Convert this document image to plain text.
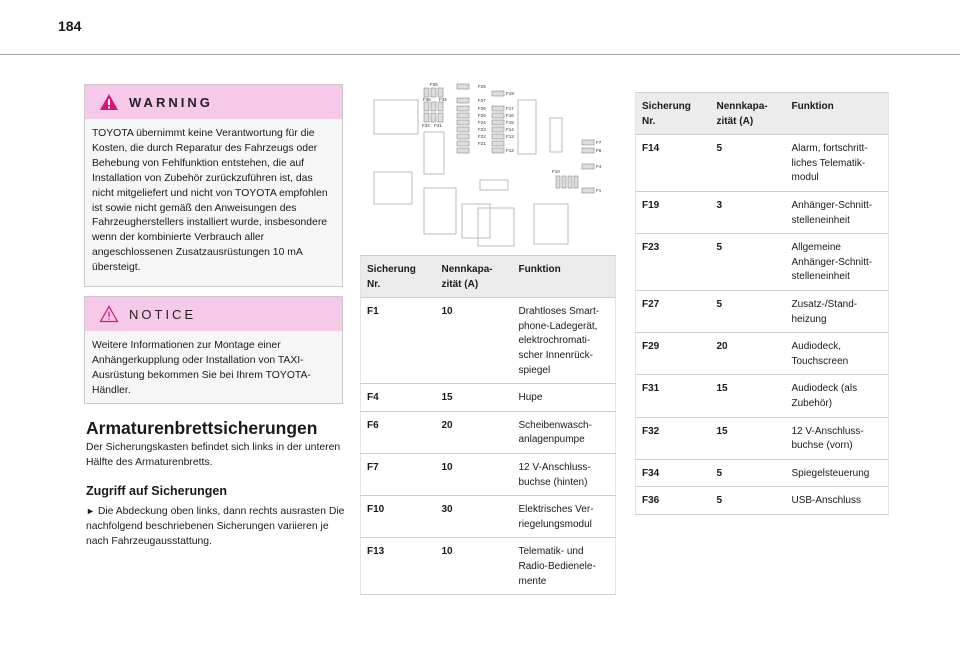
184
WARNING
TOYOTA übernimmt keine Verantwortung für die Kosten, die durch Reparatur des Fahrzeugs oder Behebung von Fehlfunktion entstehen, die auf Installation von Zubehör zurückzuführen ist, das nicht mitgeliefert und nicht von TOYOTA empfohlen ist sowie nicht gemäß den Anweisungen des Fahrzeugherstellers installiert wurde, insbesondere wenn der kombinierte Verbrauch aller angeschlossenen Zusatzausrüstungen 10 mA übersteigt.
NOTICE
Weitere Informationen zur Montage einer Anhängerkupplung oder Installation von TAXI-Ausrüstung bekommen Sie bei Ihrem TOYOTA-Händler.
Armaturenbrettsicherungen
Der Sicherungskasten befindet sich links in der unteren Hälfte des Armaturenbretts.
Zugriff auf Sicherungen
► Die Abdeckung oben links, dann rechts ausrasten Die nachfolgend beschriebenen Sicherungen variieren je nach Fahrzeugausstattung.
F35
F36 F34
F32 F31
F29
F19
F27
F26	F17
F25	F16
F24	F15
F23	F14
F22	F13
F21
F12
F7
F6
F10
F4
F1
Sicherung Nr.	Nennkapa-zität (A)	Funktion
F1	10	Drahtloses Smart-phone-Ladegerät, elektrochromati-scher Innenrück-spiegel
F4	15	Hupe
F6	20	Scheibenwasch-anlagenpumpe
F7	10	12 V-Anschluss-buchse (hinten)
F10	30	Elektrisches Ver-riegelungsmodul
F13	10	Telematik- und Radio-Bedienele-mente
Sicherung Nr.	Nennkapa-zität (A)	Funktion
F14	5	Alarm, fortschritt-liches Telematik-modul
F19	3	Anhänger-Schnitt-stelleneinheit
F23	5	Allgemeine Anhänger-Schnitt-stelleneinheit
F27	5	Zusatz-/Stand-heizung
F29	20	Audiodeck, Touchscreen
F31	15	Audiodeck (als Zubehör)
F32	15	12 V-Anschluss-buchse (vorn)
F34	5	Spiegelsteuerung
F36	5	USB-Anschluss
